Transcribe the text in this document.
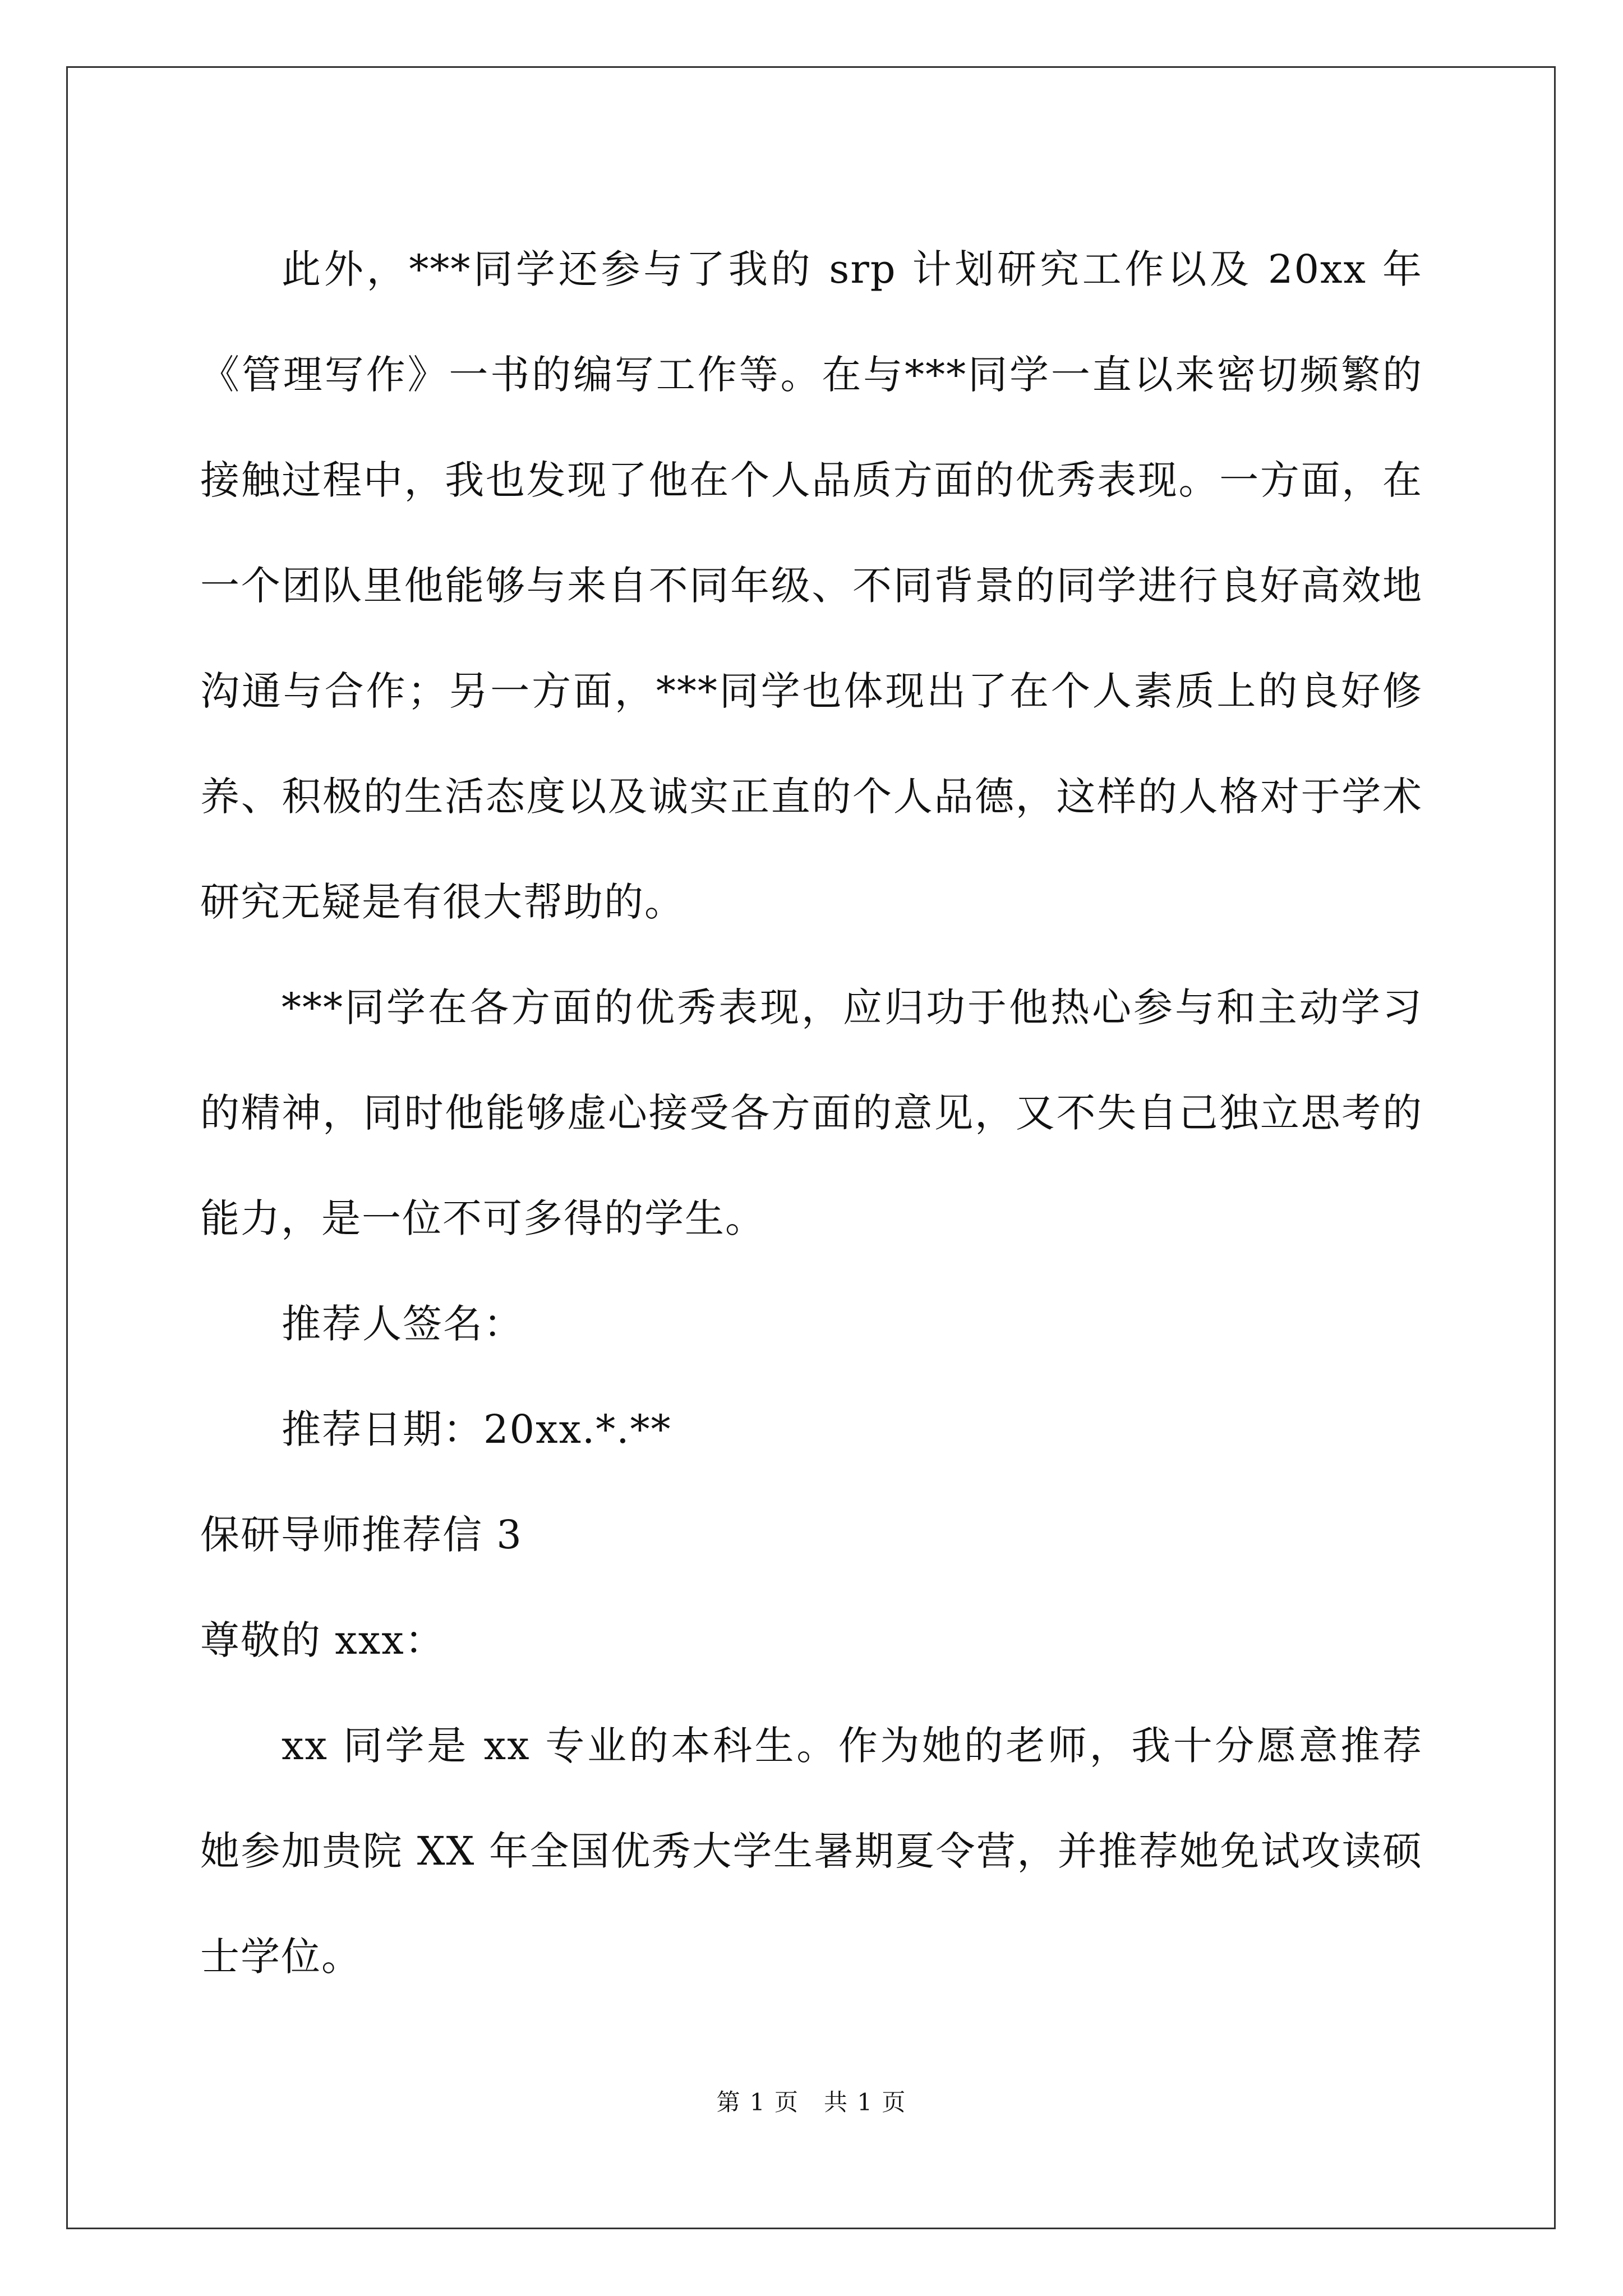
此外，***同学还参与了我的 srp 计划研究工作以及 20xx 年《管理写作》一书的编写工作等。在与***同学一直以来密切频繁的接触过程中，我也发现了他在个人品质方面的优秀表现。一方面，在一个团队里他能够与来自不同年级、不同背景的同学进行良好高效地沟通与合作；另一方面，***同学也体现出了在个人素质上的良好修养、积极的生活态度以及诚实正直的个人品德，这样的人格对于学术研究无疑是有很大帮助的。

***同学在各方面的优秀表现，应归功于他热心参与和主动学习的精神，同时他能够虚心接受各方面的意见，又不失自己独立思考的能力，是一位不可多得的学生。

推荐人签名：

推荐日期：20xx.*.**

保研导师推荐信 3

尊敬的 xxx：

xx 同学是 xx 专业的本科生。作为她的老师，我十分愿意推荐她参加贵院 XX 年全国优秀大学生暑期夏令营，并推荐她免试攻读硕士学位。

第 1 页　共 1 页
